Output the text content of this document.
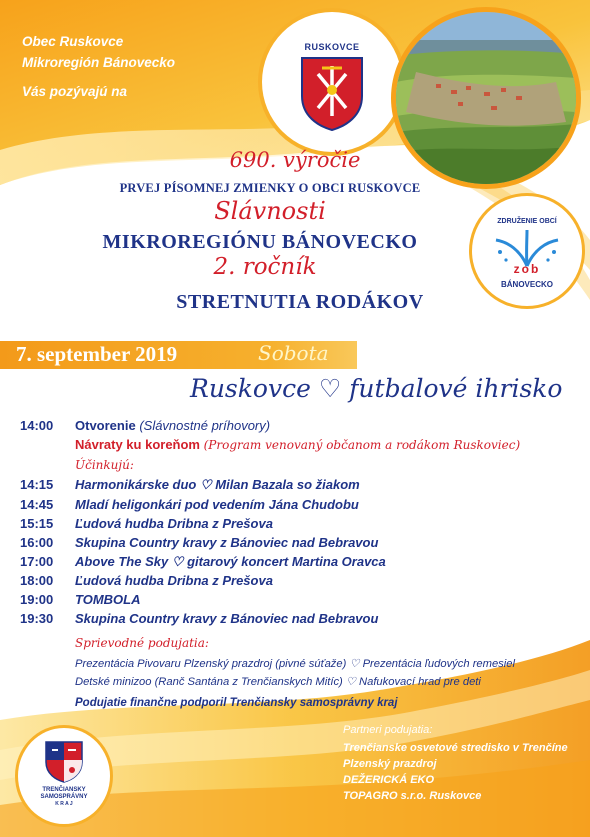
Obec Ruskovce
Mikroregión Bánovecko
Vás pozývajú na
RUSKOVCE
690. výročie
PRVEJ PÍSOMNEJ ZMIENKY O OBCI RUSKOVCE
Slávnosti
MIKROREGIÓNU BÁNOVECKO
2. ročník
STRETNUTIA RODÁKOV
ZDRUŽENIE OBCÍ
zob
BÁNOVECKO
7. september 2019	Sobota
Ruskovce ♡ futbalové ihrisko
14:00	Otvorenie (Slávnostné príhovory)
Návraty ku koreňom (Program venovaný občanom a rodákom Ruskoviec)
Účinkujú:
14:15	Harmonikárske duo ♡ Milan Bazala so žiakom
14:45	Mladí heligonkári pod vedením Jána Chudobu
15:15	Ľudová hudba Dribna z Prešova
16:00	Skupina Country kravy z Bánoviec nad Bebravou
17:00	Above The Sky ♡ gitarový koncert Martina Oravca
18:00	Ľudová hudba Dribna z Prešova
19:00	TOMBOLA
19:30	Skupina Country kravy z Bánoviec nad Bebravou
Sprievodné podujatia:
Prezentácia Pivovaru Plzenský prazdroj (pivné súťaže) ♡ Prezentácia ľudových remesiel
Detské minizoo (Ranč Santána z Trenčianskych Mitíc) ♡ Nafukovací hrad pre deti
Podujatie finančne podporil Trenčiansky samosprávny kraj
Partneri podujatia:
Trenčianske osvetové stredisko v Trenčíne
Plzenský prazdroj
DEŽERICKÁ EKO
TOPAGRO s.r.o. Ruskovce
TRENČIANSKY
SAMOSPRÁVNY
K R A J
